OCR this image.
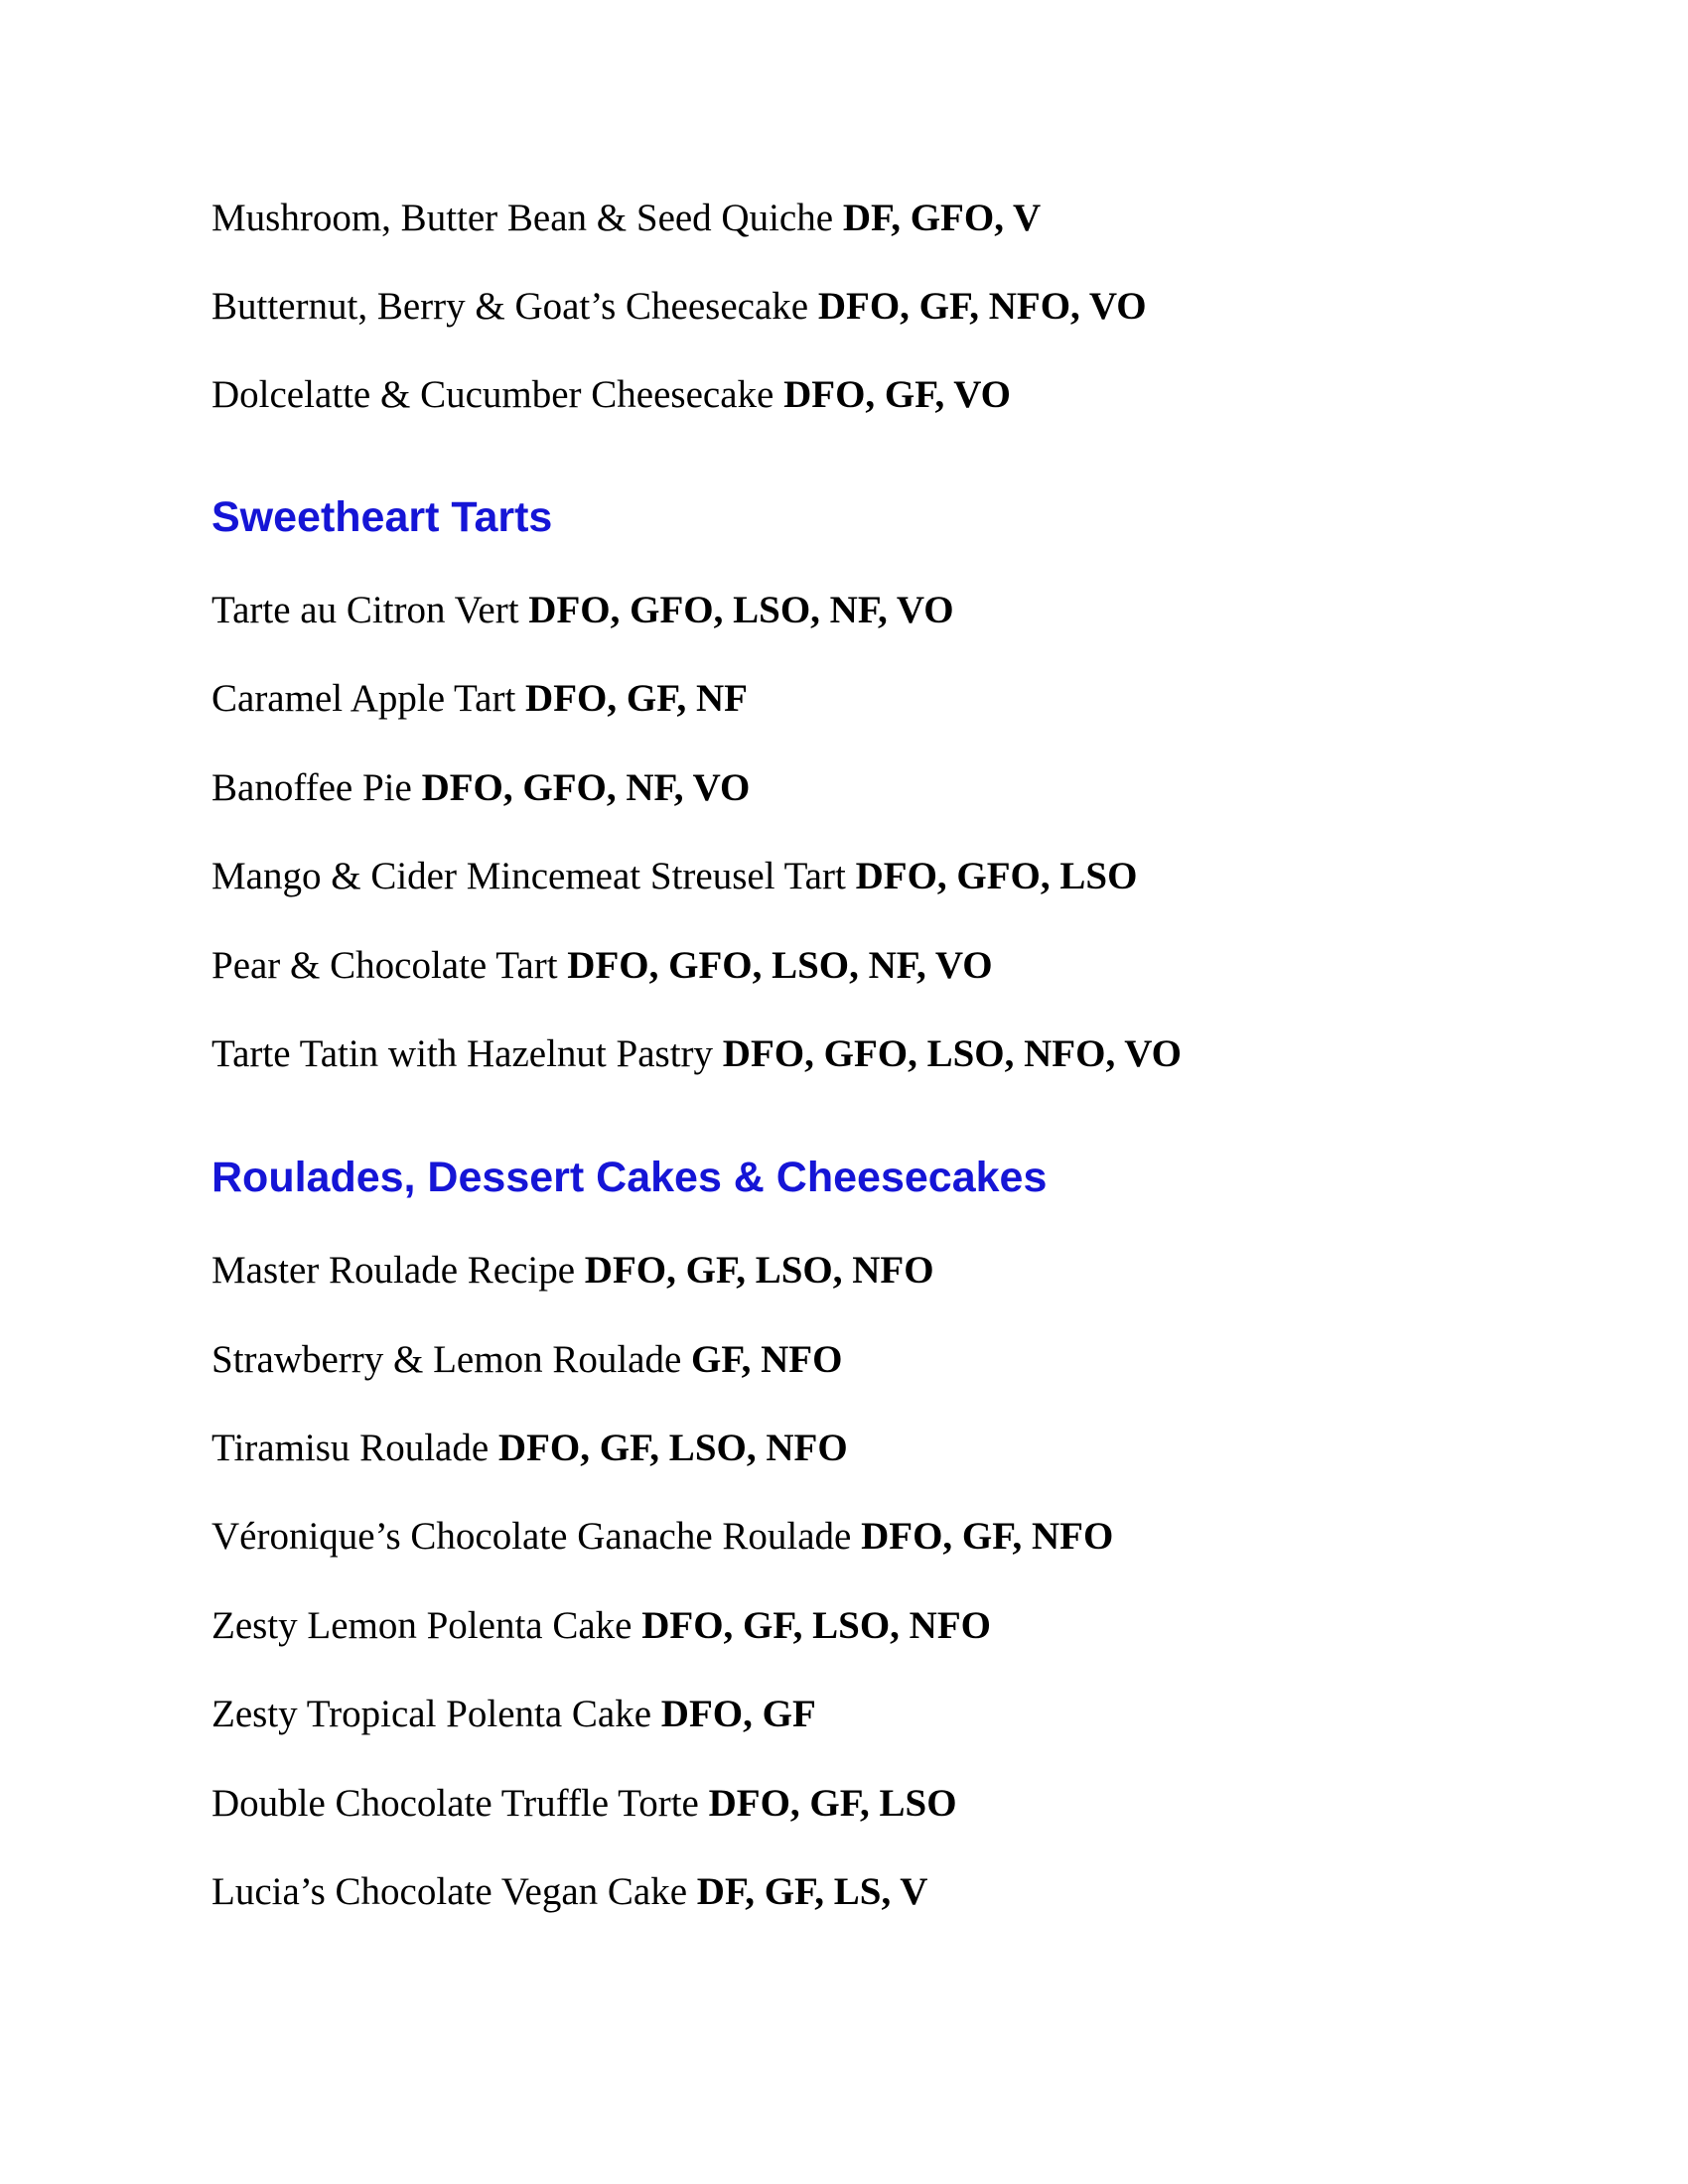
Mushroom, Butter Bean & Seed Quiche DF, GFO, V
Butternut, Berry & Goat’s Cheesecake DFO, GF, NFO, VO
Dolcelatte & Cucumber Cheesecake DFO, GF, VO
Sweetheart Tarts
Tarte au Citron Vert DFO, GFO, LSO, NF, VO
Caramel Apple Tart DFO, GF, NF
Banoffee Pie DFO, GFO, NF, VO
Mango & Cider Mincemeat Streusel Tart DFO, GFO, LSO
Pear & Chocolate Tart DFO, GFO, LSO, NF, VO
Tarte Tatin with Hazelnut Pastry DFO, GFO, LSO, NFO, VO
Roulades, Dessert Cakes & Cheesecakes
Master Roulade Recipe DFO, GF, LSO, NFO
Strawberry & Lemon Roulade GF, NFO
Tiramisu Roulade DFO, GF, LSO, NFO
Véronique’s Chocolate Ganache Roulade DFO, GF, NFO
Zesty Lemon Polenta Cake DFO, GF, LSO, NFO
Zesty Tropical Polenta Cake DFO, GF
Double Chocolate Truffle Torte DFO, GF, LSO
Lucia’s Chocolate Vegan Cake DF, GF, LS, V
